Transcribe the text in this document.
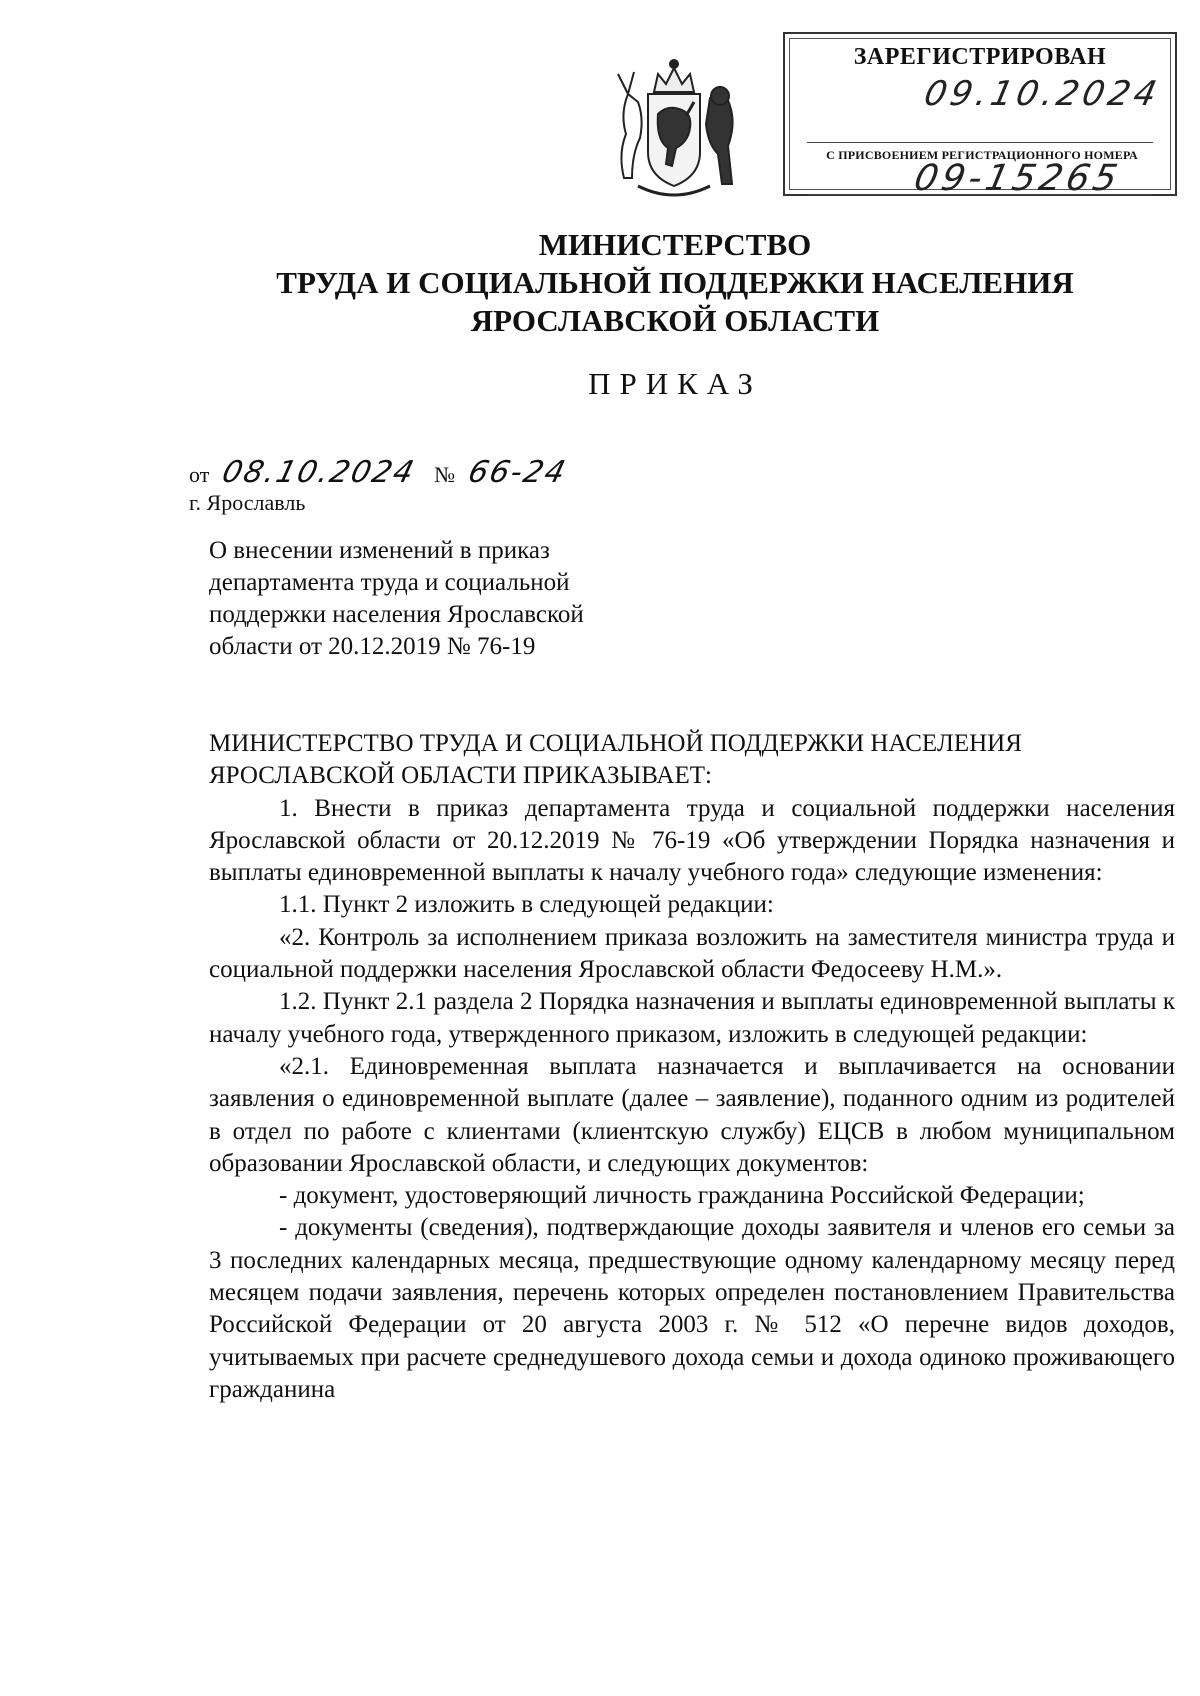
ЗАРЕГИСТРИРОВАН
09.10.2024
С ПРИСВОЕНИЕМ РЕГИСТРАЦИОННОГО НОМЕРА
09-15265
МИНИСТЕРСТВО
ТРУДА И СОЦИАЛЬНОЙ ПОДДЕРЖКИ НАСЕЛЕНИЯ
ЯРОСЛАВСКОЙ ОБЛАСТИ
ПРИКАЗ
от 08.10.2024 № 66-24
г. Ярославль
О внесении изменений в приказ
департамента труда и социальной
поддержки населения Ярославской
области от 20.12.2019 № 76-19

МИНИСТЕРСТВО ТРУДА И СОЦИАЛЬНОЙ ПОДДЕРЖКИ НАСЕЛЕНИЯ ЯРОСЛАВСКОЙ ОБЛАСТИ ПРИКАЗЫВАЕТ:

1. Внести в приказ департамента труда и социальной поддержки населения Ярославской области от 20.12.2019 № 76-19 «Об утверждении Порядка назначения и выплаты единовременной выплаты к началу учебного года» следующие изменения:

1.1. Пункт 2 изложить в следующей редакции:

«2. Контроль за исполнением приказа возложить на заместителя министра труда и социальной поддержки населения Ярославской области Федосееву Н.М.».

1.2. Пункт 2.1 раздела 2 Порядка назначения и выплаты единовременной выплаты к началу учебного года, утвержденного приказом, изложить в следующей редакции:

«2.1. Единовременная выплата назначается и выплачивается на основании заявления о единовременной выплате (далее – заявление), поданного одним из родителей в отдел по работе с клиентами (клиентскую службу) ЕЦСВ в любом муниципальном образовании Ярославской области, и следующих документов:

- документ, удостоверяющий личность гражданина Российской Федерации;

- документы (сведения), подтверждающие доходы заявителя и членов его семьи за 3 последних календарных месяца, предшествующие одному календарному месяцу перед месяцем подачи заявления, перечень которых определен постановлением Правительства Российской Федерации от 20 августа 2003 г. № 512 «О перечне видов доходов, учитываемых при расчете среднедушевого дохода семьи и дохода одиноко проживающего гражданина
